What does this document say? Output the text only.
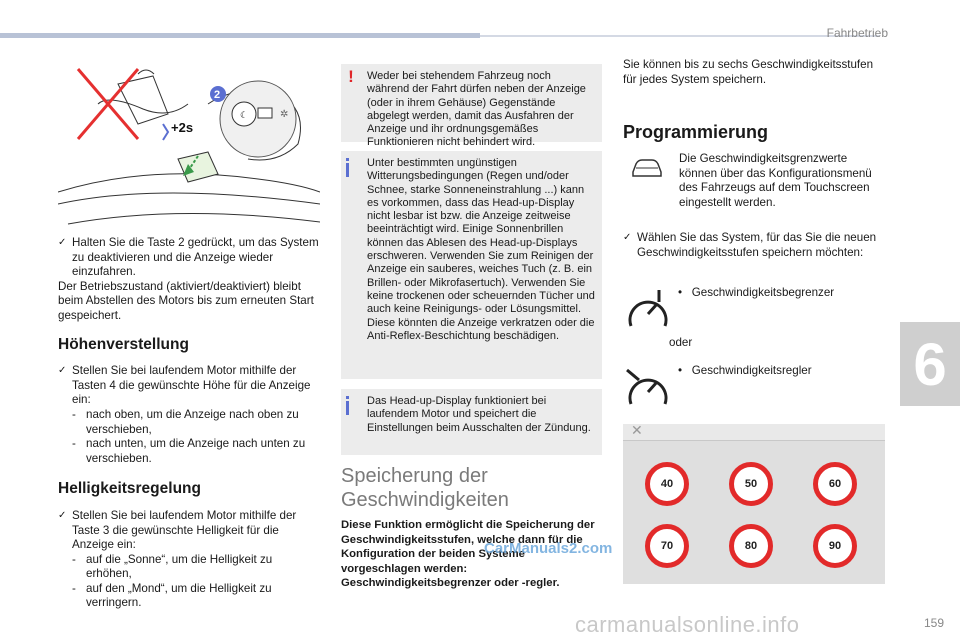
Fahrbetrieb
6
159
☾	✲
2
+2s
✓ Halten Sie die Taste 2 gedrückt, um das System zu deaktivieren und die Anzeige wieder einzufahren.
Der Betriebszustand (aktiviert/deaktiviert) bleibt beim Abstellen des Motors bis zum erneuten Start gespeichert.
Höhenverstellung
✓ Stellen Sie bei laufendem Motor mithilfe der Tasten 4 die gewünschte Höhe für die Anzeige ein:
- nach oben, um die Anzeige nach oben zu verschieben,
- nach unten, um die Anzeige nach unten zu verschieben.
Helligkeitsregelung
✓ Stellen Sie bei laufendem Motor mithilfe der Taste 3 die gewünschte Helligkeit für die Anzeige ein:
- auf die „Sonne“, um die Helligkeit zu erhöhen,
- auf den „Mond“, um die Helligkeit zu verringern.
!	Weder bei stehendem Fahrzeug noch während der Fahrt dürfen neben der Anzeige (oder in ihrem Gehäuse) Gegenstände abgelegt werden, damit das Ausfahren der Anzeige und ihr ordnungsgemäßes Funktionieren nicht behindert wird.
Unter bestimmten ungünstigen Witterungsbedingungen (Regen und/oder Schnee, starke Sonneneinstrahlung ...) kann es vorkommen, dass das Head-up-Display nicht lesbar ist bzw. die Anzeige zeitweise beeinträchtigt wird. Einige Sonnenbrillen können das Ablesen des Head-up-Displays erschweren. Verwenden Sie zum Reinigen der Anzeige ein sauberes, weiches Tuch (z. B. ein Brillen- oder Mikrofasertuch). Verwenden Sie keine trockenen oder scheuernden Tücher und auch keine Reinigungs- oder Lösungsmittel. Diese könnten die Anzeige verkratzen oder die Anti-Reflex-Beschichtung beschädigen.
Das Head-up-Display funktioniert bei laufendem Motor und speichert die Einstellungen beim Ausschalten der Zündung.
Speicherung der Geschwindigkeiten
Diese Funktion ermöglicht die Speicherung der Geschwindigkeitsstufen, welche dann für die Konfiguration der beiden Systeme vorgeschlagen werden: Geschwindigkeitsbegrenzer oder -regler.
CarManuals2.com
Sie können bis zu sechs Geschwindigkeitsstufen für jedes System speichern.
Programmierung
Die Geschwindigkeitsgrenzwerte können über das Konfigurationsmenü des Fahrzeugs auf dem Touchscreen eingestellt werden.
✓ Wählen Sie das System, für das Sie die neuen Geschwindigkeitsstufen speichern möchten:
•   Geschwindigkeitsbegrenzer
oder
•   Geschwindigkeitsregler
✕
40	50	60
70	80	90
carmanualsonline.info
